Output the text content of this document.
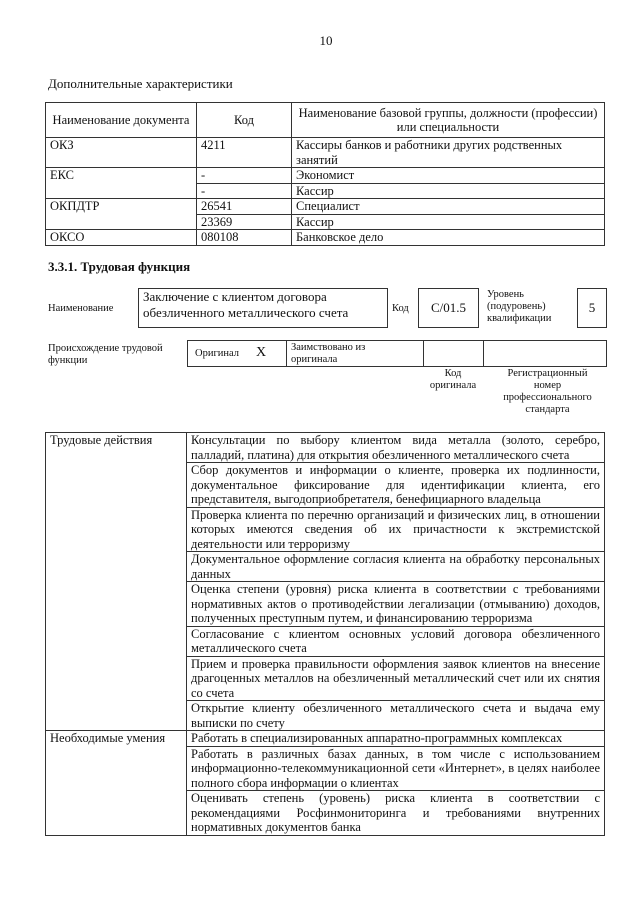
10
Дополнительные характеристики
Наименование документа	Код	Наименование базовой группы, должности (профессии) или специальности
ОКЗ	4211	Кассиры банков и работники других родственных занятий
ЕКС	-	Экономист
	-	Кассир
ОКПДТР	26541	Специалист
	23369	Кассир
ОКСО	080108	Банковское дело
3.3.1. Трудовая функция
Наименование
Заключение с клиентом договора обезличенного металлического счета	Код	C/01.5
Уровень (подуровень) квалификации
5
Происхождение трудовой функции
Оригинал X Заимствовано из оригинала
Код оригинала
Регистрационный номер профессионального стандарта
Трудовые действия	Консультации по выбору клиентом вида металла (золото, серебро, палладий, платина) для открытия обезличенного металлического счета
	Сбор документов и информации о клиенте, проверка их подлинности, документальное фиксирование для идентификации клиента, его представителя, выгодоприобретателя, бенефициарного владельца
	Проверка клиента по перечню организаций и физических лиц, в отношении которых имеются сведения об их причастности к экстремистской деятельности или терроризму
	Документальное оформление согласия клиента на обработку персональных данных
	Оценка степени (уровня) риска клиента в соответствии с требованиями нормативных актов о противодействии легализации (отмыванию) доходов, полученных преступным путем, и финансированию терроризма
	Согласование с клиентом основных условий договора обезличенного металлического счета
	Прием и проверка правильности оформления заявок клиентов на внесение драгоценных металлов на обезличенный металлический счет или их снятия со счета
	Открытие клиенту обезличенного металлического счета и выдача ему выписки по счету
Необходимые умения	Работать в специализированных аппаратно-программных комплексах
	Работать в различных базах данных, в том числе с использованием информационно-телекоммуникационной сети «Интернет», в целях наиболее полного сбора информации о клиентах
	Оценивать степень (уровень) риска клиента в соответствии с рекомендациями Росфинмониторинга и требованиями внутренних нормативных документов банка
